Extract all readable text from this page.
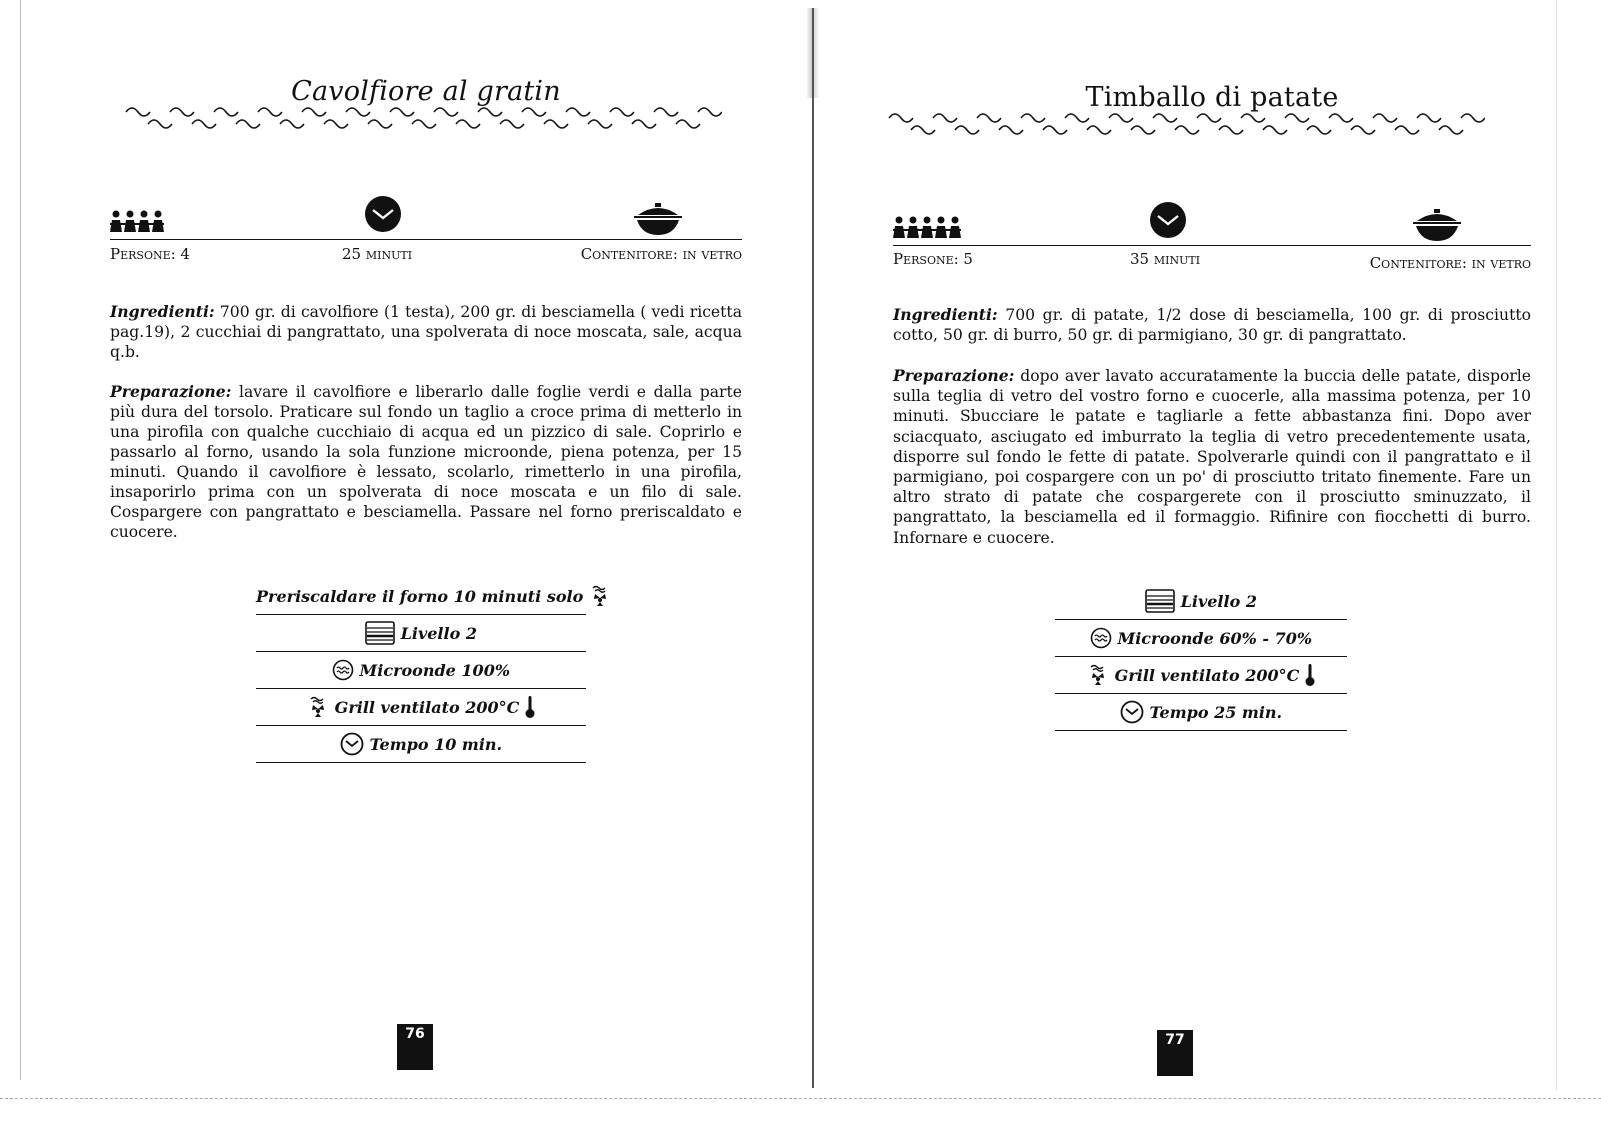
Cavolfiore al gratin
Persone: 4	25 minuti	Contenitore: in vetro

Ingredienti: 700 gr. di cavolfiore (1 testa), 200 gr. di besciamella ( vedi ricetta pag.19), 2 cucchiai di pangrattato, una spolverata di noce moscata, sale, acqua q.b.

Preparazione: lavare il cavolfiore e liberarlo dalle foglie verdi e dalla parte più dura del torsolo. Praticare sul fondo un taglio a croce prima di metterlo in una pirofila con qualche cucchiaio di acqua ed un pizzico di sale. Coprirlo e passarlo al forno, usando la sola funzione microonde, piena potenza, per 15 minuti. Quando il cavolfiore è lessato, scolarlo, rimetterlo in una pirofila, insaporirlo prima con un spolverata di noce moscata e un filo di sale. Cospargere con pangrattato e besciamella. Passare nel forno preriscaldato e cuocere.

Preriscaldare il forno 10 minuti solo
Livello 2
Microonde 100%
Grill ventilato 200°C
Tempo 10 min.
76
Timballo di patate
Persone: 5	35 minuti	Contenitore: in vetro

Ingredienti: 700 gr. di patate, 1/2 dose di besciamella, 100 gr. di prosciutto cotto, 50 gr. di burro, 50 gr. di parmigiano, 30 gr. di pangrattato.

Preparazione: dopo aver lavato accuratamente la buccia delle patate, disporle sulla teglia di vetro del vostro forno e cuocerle, alla massima potenza, per 10 minuti. Sbucciare le patate e tagliarle a fette abbastanza fini. Dopo aver sciacquato, asciugato ed imburrato la teglia di vetro precedentemente usata, disporre sul fondo le fette di patate. Spolverarle quindi con il pangrattato e il parmigiano, poi cospargere con un po' di prosciutto tritato finemente. Fare un altro strato di patate che cospargerete con il prosciutto sminuzzato, il pangrattato, la besciamella ed il formaggio. Rifinire con fiocchetti di burro. Infornare e cuocere.

Livello 2
Microonde 60% - 70%
Grill ventilato 200°C
Tempo 25 min.
77
